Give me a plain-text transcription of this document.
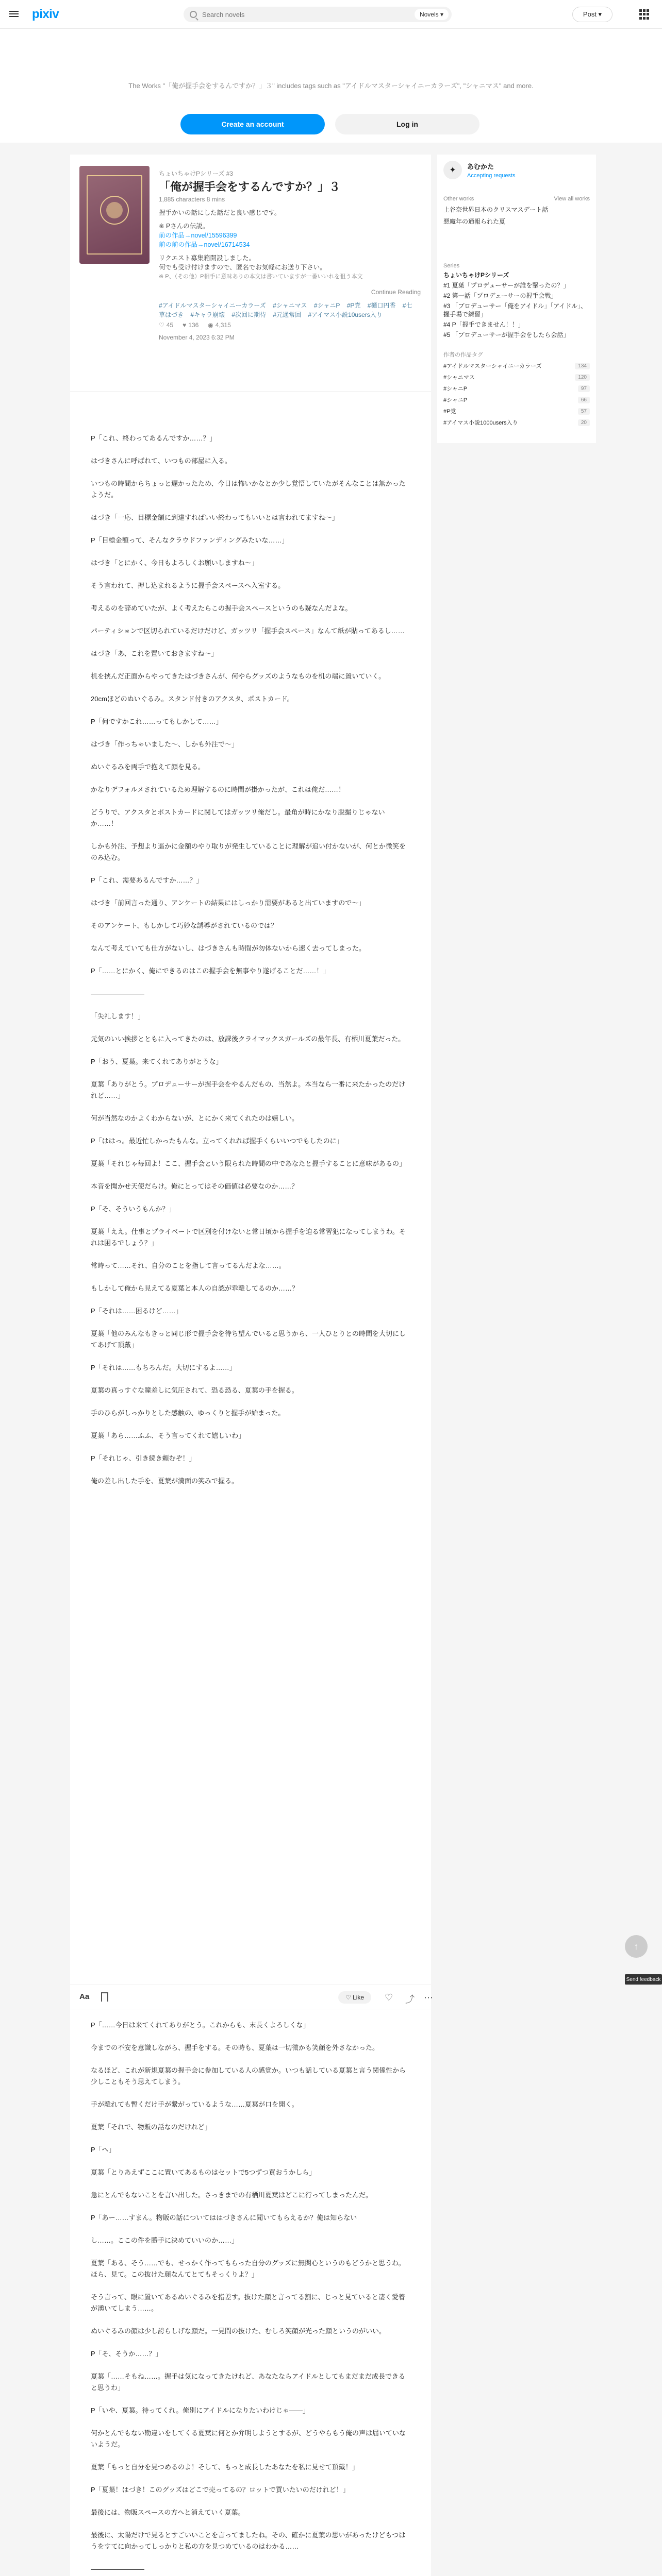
pixiv
Search novels	Novels ▾	Post ▾
The Works "「俺が握手会をするんですか？」３" includes tags such as "アイドルマスターシャイニーカラーズ", "シャニマス" and more.
Create an account	Log in
ちょいちゃけPシリーズ #3
「俺が握手会をするんですか？」３
1,885 characters 8 mins
握手かいの話にした話だと良い感じです。
※ Pさんの伝説。
前の作品→novel/15596399
前の前の作品→novel/16714534
リクエスト募集箱開設しました。
何でも受け付けますので、匿名でお気軽にお送り下さい。
※ P、（その他）P相手に意味ありの本文は書いていますが一番いいれを狙う本文
Continue Reading
#アイドルマスターシャイニーカラーズ #シャニマス #シャニP #P党 #樋口円香 #七草はづき #キャラ崩壊 #次回に期待 #元通常回 #アイマス小説10users入り
♡ 45 ♥ 136 ◉ 4,315
November 4, 2023 6:32 PM

P「これ、終わってあるんですか……？」

はづきさんに呼ばれて、いつもの部屋に入る。

いつもの時間からちょっと遅かったため、今日は怖いかなとか少し覚悟していたがそんなことは無かったようだ。

はづき「一応、目標金額に到達すればいい終わってもいいとは言われてますね～」

P「目標金額って、そんなクラウドファンディングみたいな……」

はづき「とにかく、今日もよろしくお願いしますね～」

そう言われて、押し込まれるように握手会スペースへ入室する。

考えるのを辞めていたが、よく考えたらこの握手会スペースというのも疑なんだよな。

パーティションで区切られているだけだけど、ガッツリ「握手会スペース」なんて紙が貼ってあるし……

はづき「あ、これを置いておきますね～」

机を挟んだ正面からやってきたはづきさんが、何やらグッズのようなものを机の端に置いていく。

20cmほどのぬいぐるみ。スタンド付きのアクスタ、ポストカード。

P「何ですかこれ……ってもしかして……」

はづき「作っちゃいました～、しかも外注で～」

ぬいぐるみを両手で抱えて顔を見る。

かなりデフォルメされているため理解するのに時間が掛かったが、これは俺だ……！

どうりで、アクスタとポストカードに関してはガッツリ俺だし。最角が時にかなり脱撮りじゃないか……！

しかも外注、予想より遥かに金額のやり取りが発生していることに理解が追い付かないが、何とか微笑をのみ込む。

P「これ、需要あるんですか……？」

はづき「前回言った通り、アンケートの結果にはしっかり需要があると出ていますので～」

そのアンケート、もしかして巧妙な誘導がされているのでは？

なんて考えていても仕方がないし、はづきさんも時間が勿体ないから速く去ってしまった。

P「……とにかく、俺にできるのはこの握手会を無事やり遂げることだ……！」

――――――――

「失礼します！」

元気のいい挨拶とともに入ってきたのは、放課後クライマックスガールズの最年長、有栖川夏葉だった。

P「おう、夏葉。来てくれてありがとうな」

夏葉「ありがとう。プロデューサーが握手会をやるんだもの、当然よ。本当なら一番に来たかったのだけれど……」

何が当然なのかよくわからないが、とにかく来てくれたのは嬉しい。

P「ははっ。最近忙しかったもんな。立ってくれれば握手くらいいつでもしたのに」

夏葉「それじゃ毎回よ！ここ、握手会という限られた時間の中であなたと握手することに意味があるの」

本音を聞かせ天使だらけ。俺にとってはその価値は必要なのか……？

P「そ、そういうもんか？」

夏葉「ええ。仕事とプライベートで区別を付けないと常日頃から握手を迫る常習犯になってしまうわ。それは困るでしょう？」

常時って……それ、自分のことを指して言ってるんだよな……。

もしかして俺から見えてる夏葉と本人の自認が乖離してるのか……？

P「それは……困るけど……」

夏葉「他のみんなもきっと同じ形で握手会を待ち望んでいると思うから、一人ひとりとの時間を大切にしてあげて頂戴」

P「それは……もちろんだ。大切にするよ……」

夏葉の真っすぐな瞳差しに気圧されて、恐る恐る、夏葉の手を握る。

手のひらがしっかりとした感触の、ゆっくりと握手が始まった。

夏葉「あら……ふふ、そう言ってくれて嬉しいわ」

P「それじゃ、引き続き頼むぞ！」

俺の差し出した手を、夏葉が満面の笑みで握る。

P「……今日は来てくれてありがとう。これからも、末長くよろしくな」

今までの不安を意識しながら、握手をする。その時も、夏葉は一切微かも笑顔を外さなかった。

なるほど、これが新規夏葉の握手会に参加している人の感覚か。いつも話している夏葉と言う関係性から少しこともそう思えてしまう。

手が離れても暫くだけ手が繋がっているような……夏葉が口を開く。

夏葉「それで、物販の話なのだけれど」

P「へ」

夏葉「とりあえずここに置いてあるものはセットで5つずつ買おうかしら」

急にとんでもないことを言い出した。さっきまでの有栖川夏葉はどこに行ってしまったんだ。

P「あー……すまん。物販の話についてははづきさんに聞いてもらえるか？俺は知らない

し……。ここの件を勝手に決めていいのか……」

夏葉「ある、そう……でも、せっかく作ってもらった自分のグッズに無関心というのもどうかと思うわ。ほら、見て。この抜けた顔なんてとてもそっくりよ？」

そう言って、眼に置いてあるぬいぐるみを指差す。抜けた顔と言ってる割に、じっと見ていると凄く愛着が湧いてしまう……。

ぬいぐるみの顔は少し誇らしげな顔だ。一見間の抜けた、むしろ笑顔が光った顔というのがいい。

P「そ、そうか……？」

夏葉「……そもね……。握手は気になってきたけれど、あなたならアイドルとしてもまだまだ成長できると思うわ」

P「いや、夏葉。待ってくれ。俺別にアイドルになりたいわけじゃ――」

何かとんでもない勘違いをしてくる夏葉に何とか弁明しようとするが、どうやらもう俺の声は届いていないようだ。

夏葉「もっと自分を見つめるのよ！そして、もっと成長したあなたを私に見せて頂戴！」

P「夏葉！はづき！このグッズはどこで売ってるの？ロットで買いたいのだけれど！」

最後には、物販スペースの方へと消えていく夏葉。

最後に、太陽だけで見るとすごいいことを言ってましたね。その、確かに夏葉の思いがあったけどもつはうをすてに向かってしっかりと私の方を見つめているのはわかる……

――――――――

Aa	♡ Like	♡ ⤴ ⋯
✦	あむかた
Accepting requests
Other works	View all works
上谷奈世界日本のクリスマスデート話
悪魔年の通報られた夏
Series
ちょいちゃけPシリーズ
#1 夏葉「プロデューサーが誰を撃ったの？」
#2 第一話「プロデューサーの握手会戦」
#3 「プロデューサー「俺をアイドル」「アイドル」、握手場で練習」
#4 P「握手できません！！」
#5 「プロデューサーが握手会をしたら会話」
作者の作品タグ
#アイドルマスターシャイニーカラーズ	134
#シャニマス	120
#シャニP	97
#シャニP	66
#P党	57
#アイマス小説1000users入り	20
↑
Send feedback
